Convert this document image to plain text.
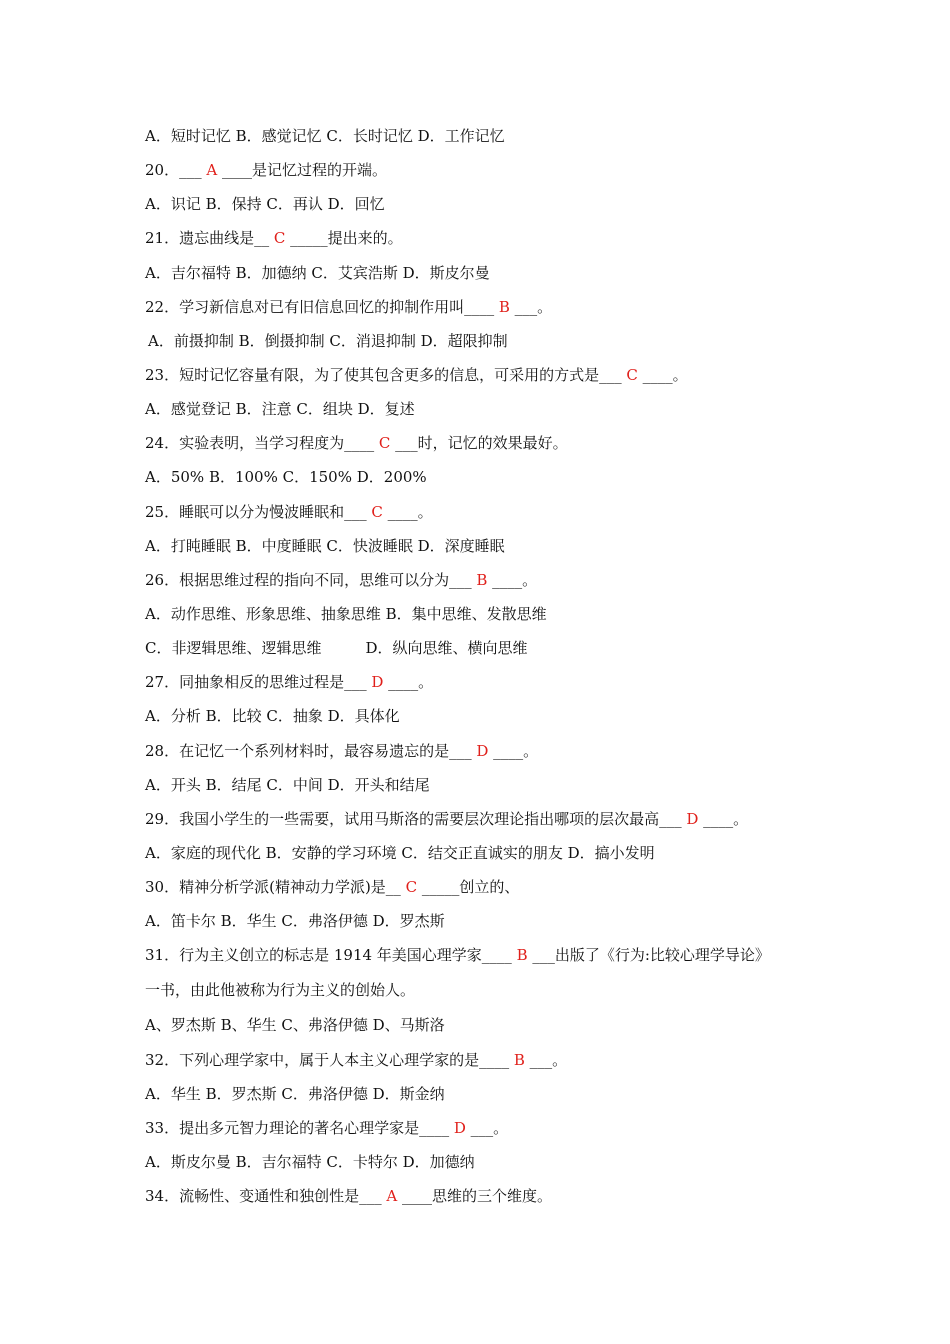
A．短时记忆 B．感觉记忆 C．长时记忆 D．工作记忆
20．___ A ____是记忆过程的开端。
A．识记 B．保持 C．再认 D．回忆
21．遗忘曲线是__ C _____提出来的。
A．吉尔福特 B．加德纳 C．艾宾浩斯 D．斯皮尔曼
22．学习新信息对已有旧信息回忆的抑制作用叫____ B ___。
A．前摄抑制 B．倒摄抑制 C．消退抑制 D．超限抑制
23．短时记忆容量有限，为了使其包含更多的信息，可采用的方式是___ C ____。
A．感觉登记 B．注意 C．组块 D．复述
24．实验表明，当学习程度为____ C ___时，记忆的效果最好。
A．50% B．100% C．150% D．200%
25．睡眠可以分为慢波睡眠和___ C ____。
A．打盹睡眠 B．中度睡眠 C．快波睡眠 D．深度睡眠
26．根据思维过程的指向不同，思维可以分为___ B ____。
A．动作思维、形象思维、抽象思维 B．集中思维、发散思维
C．非逻辑思维、逻辑思维	D．纵向思维、横向思维
27．同抽象相反的思维过程是___ D ____。
A．分析 B．比较 C．抽象 D．具体化
28．在记忆一个系列材料时，最容易遗忘的是___ D ____。
A．开头 B．结尾 C．中间 D．开头和结尾
29．我国小学生的一些需要，试用马斯洛的需要层次理论指出哪项的层次最高___ D ____。
A．家庭的现代化 B．安静的学习环境 C．结交正直诚实的朋友 D．搞小发明
30．精神分析学派(精神动力学派)是__ C _____创立的、
A．笛卡尔 B．华生 C．弗洛伊德 D．罗杰斯
31．行为主义创立的标志是 1914 年美国心理学家____ B ___出版了《行为:比较心理学导论》
一书，由此他被称为行为主义的创始人。
A、罗杰斯 B、华生 C、弗洛伊德 D、马斯洛
32．下列心理学家中，属于人本主义心理学家的是____ B ___。
A．华生 B．罗杰斯 C．弗洛伊德 D．斯金纳
33．提出多元智力理论的著名心理学家是____ D ___。
A．斯皮尔曼 B．吉尔福特 C．卡特尔 D．加德纳
34．流畅性、变通性和独创性是___ A ____思维的三个维度。
